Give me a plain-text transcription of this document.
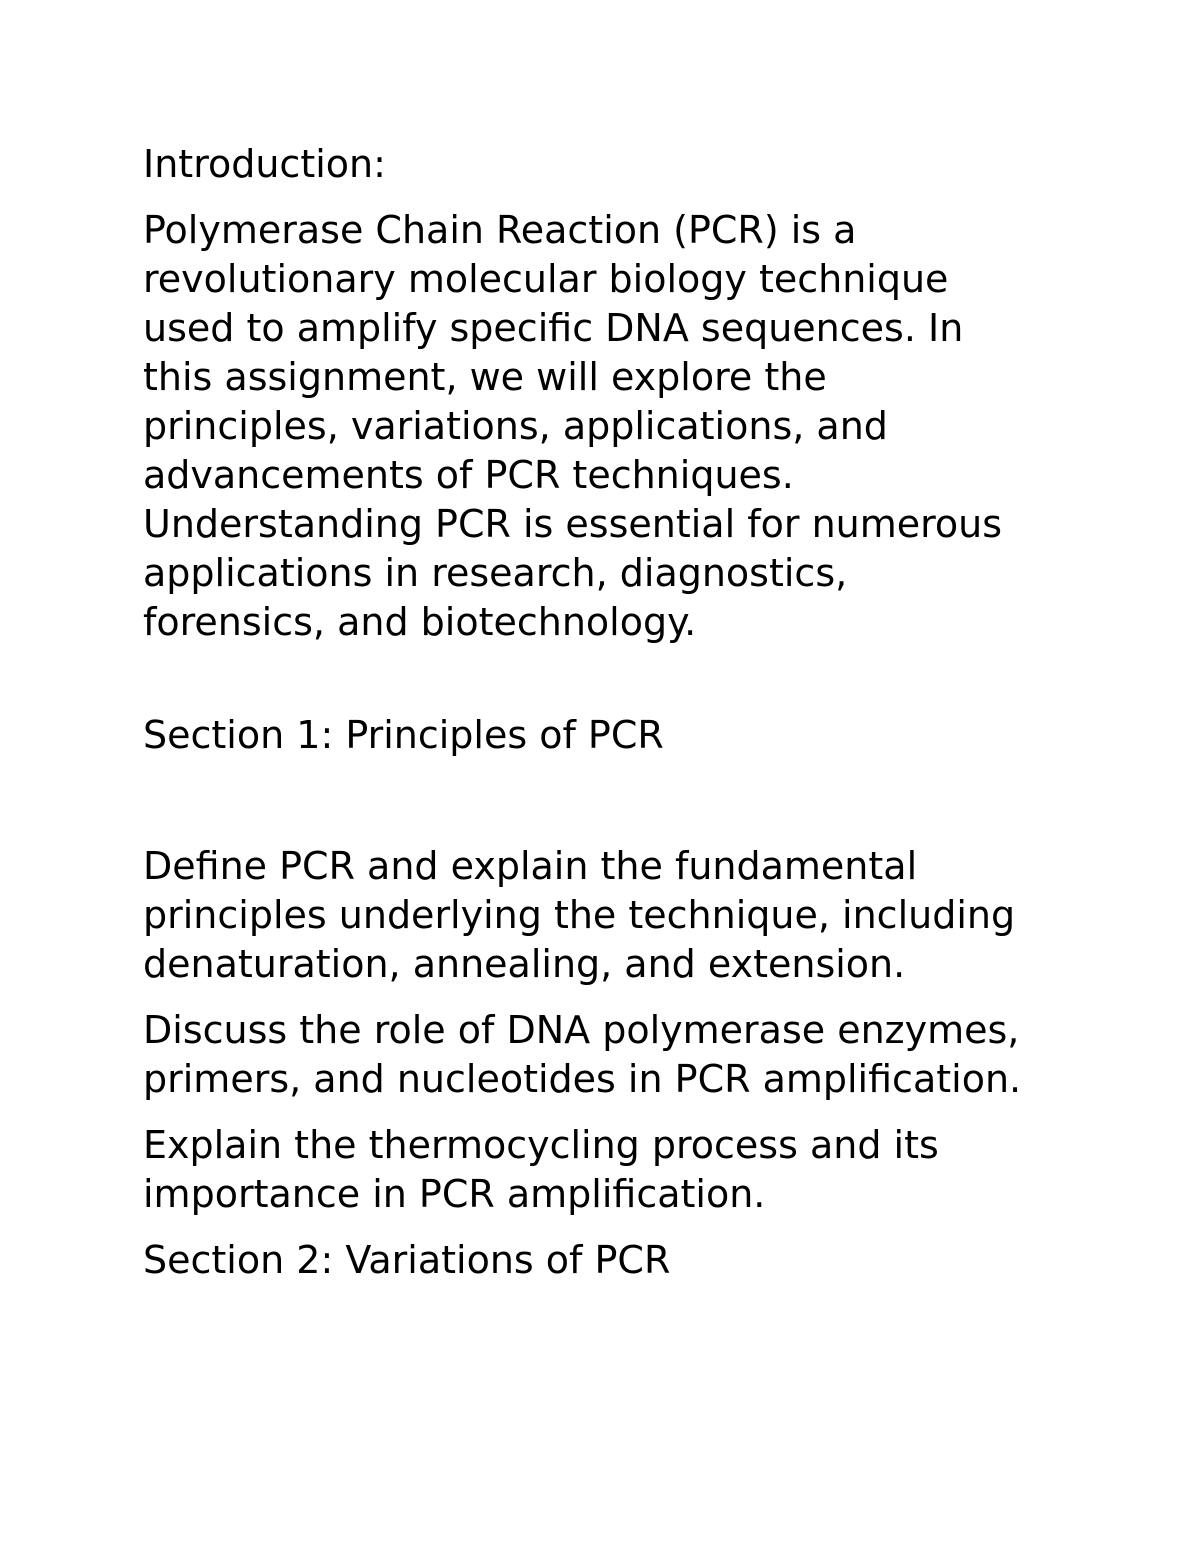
Introduction:

Polymerase Chain Reaction (PCR) is a
revolutionary molecular biology technique
used to amplify specific DNA sequences. In
this assignment, we will explore the
principles, variations, applications, and
advancements of PCR techniques.
Understanding PCR is essential for numerous
applications in research, diagnostics,
forensics, and biotechnology.

Section 1: Principles of PCR

Define PCR and explain the fundamental
principles underlying the technique, including
denaturation, annealing, and extension.

Discuss the role of DNA polymerase enzymes,
primers, and nucleotides in PCR amplification.

Explain the thermocycling process and its
importance in PCR amplification.

Section 2: Variations of PCR
